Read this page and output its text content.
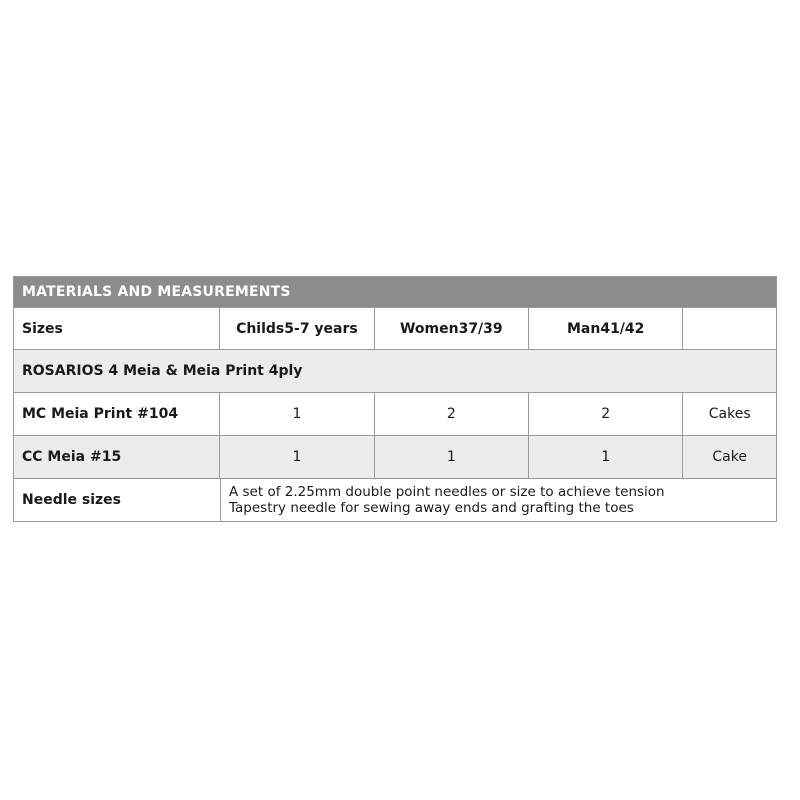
MATERIALS AND MEASUREMENTS
Sizes	Childs 5-7 years	Women 37/39	Man 41/42
ROSARIOS 4 Meia & Meia Print 4ply
MC Meia Print #104	1	2	2	Cakes
CC Meia #15	1	1	1	Cake
Needle sizes	A set of 2.25mm double point needles or size to achieve tension
Tapestry needle for sewing away ends and grafting the toes
